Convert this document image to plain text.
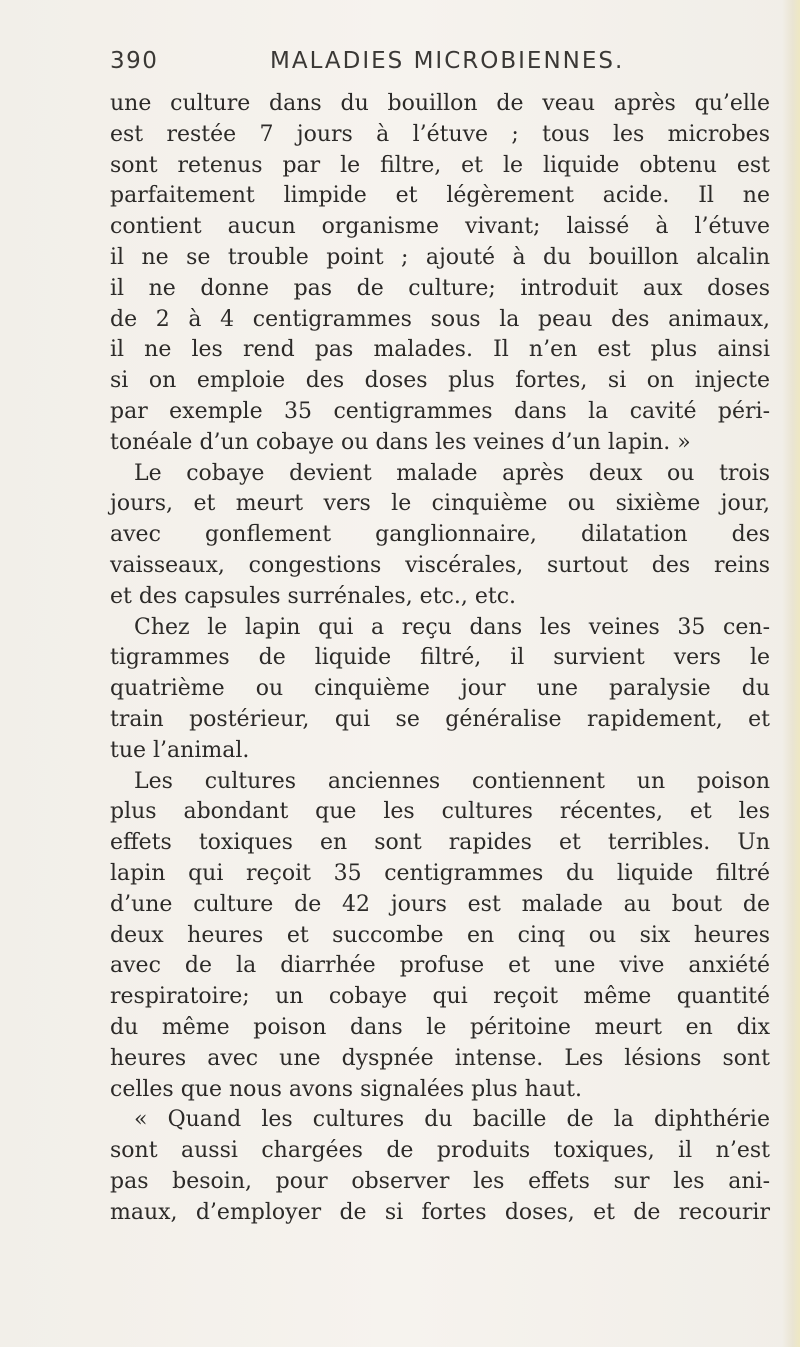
390	MALADIES MICROBIENNES.
une culture dans du bouillon de veau après qu’elle
est restée 7 jours à l’étuve ; tous les microbes
sont retenus par le filtre, et le liquide obtenu est
parfaitement limpide et légèrement acide. Il ne
contient aucun organisme vivant; laissé à l’étuve
il ne se trouble point ; ajouté à du bouillon alcalin
il ne donne pas de culture; introduit aux doses
de 2 à 4 centigrammes sous la peau des animaux,
il ne les rend pas malades. Il n’en est plus ainsi
si on emploie des doses plus fortes, si on injecte
par exemple 35 centigrammes dans la cavité péri-
tonéale d’un cobaye ou dans les veines d’un lapin. »
Le cobaye devient malade après deux ou trois
jours, et meurt vers le cinquième ou sixième jour,
avec gonflement ganglionnaire, dilatation des
vaisseaux, congestions viscérales, surtout des reins
et des capsules surrénales, etc., etc.
Chez le lapin qui a reçu dans les veines 35 cen-
tigrammes de liquide filtré, il survient vers le
quatrième ou cinquième jour une paralysie du
train postérieur, qui se généralise rapidement, et
tue l’animal.
Les cultures anciennes contiennent un poison
plus abondant que les cultures récentes, et les
effets toxiques en sont rapides et terribles. Un
lapin qui reçoit 35 centigrammes du liquide filtré
d’une culture de 42 jours est malade au bout de
deux heures et succombe en cinq ou six heures
avec de la diarrhée profuse et une vive anxiété
respiratoire; un cobaye qui reçoit même quantité
du même poison dans le péritoine meurt en dix
heures avec une dyspnée intense. Les lésions sont
celles que nous avons signalées plus haut.
« Quand les cultures du bacille de la diphthérie
sont aussi chargées de produits toxiques, il n’est
pas besoin, pour observer les effets sur les ani-
maux, d’employer de si fortes doses, et de recourir
